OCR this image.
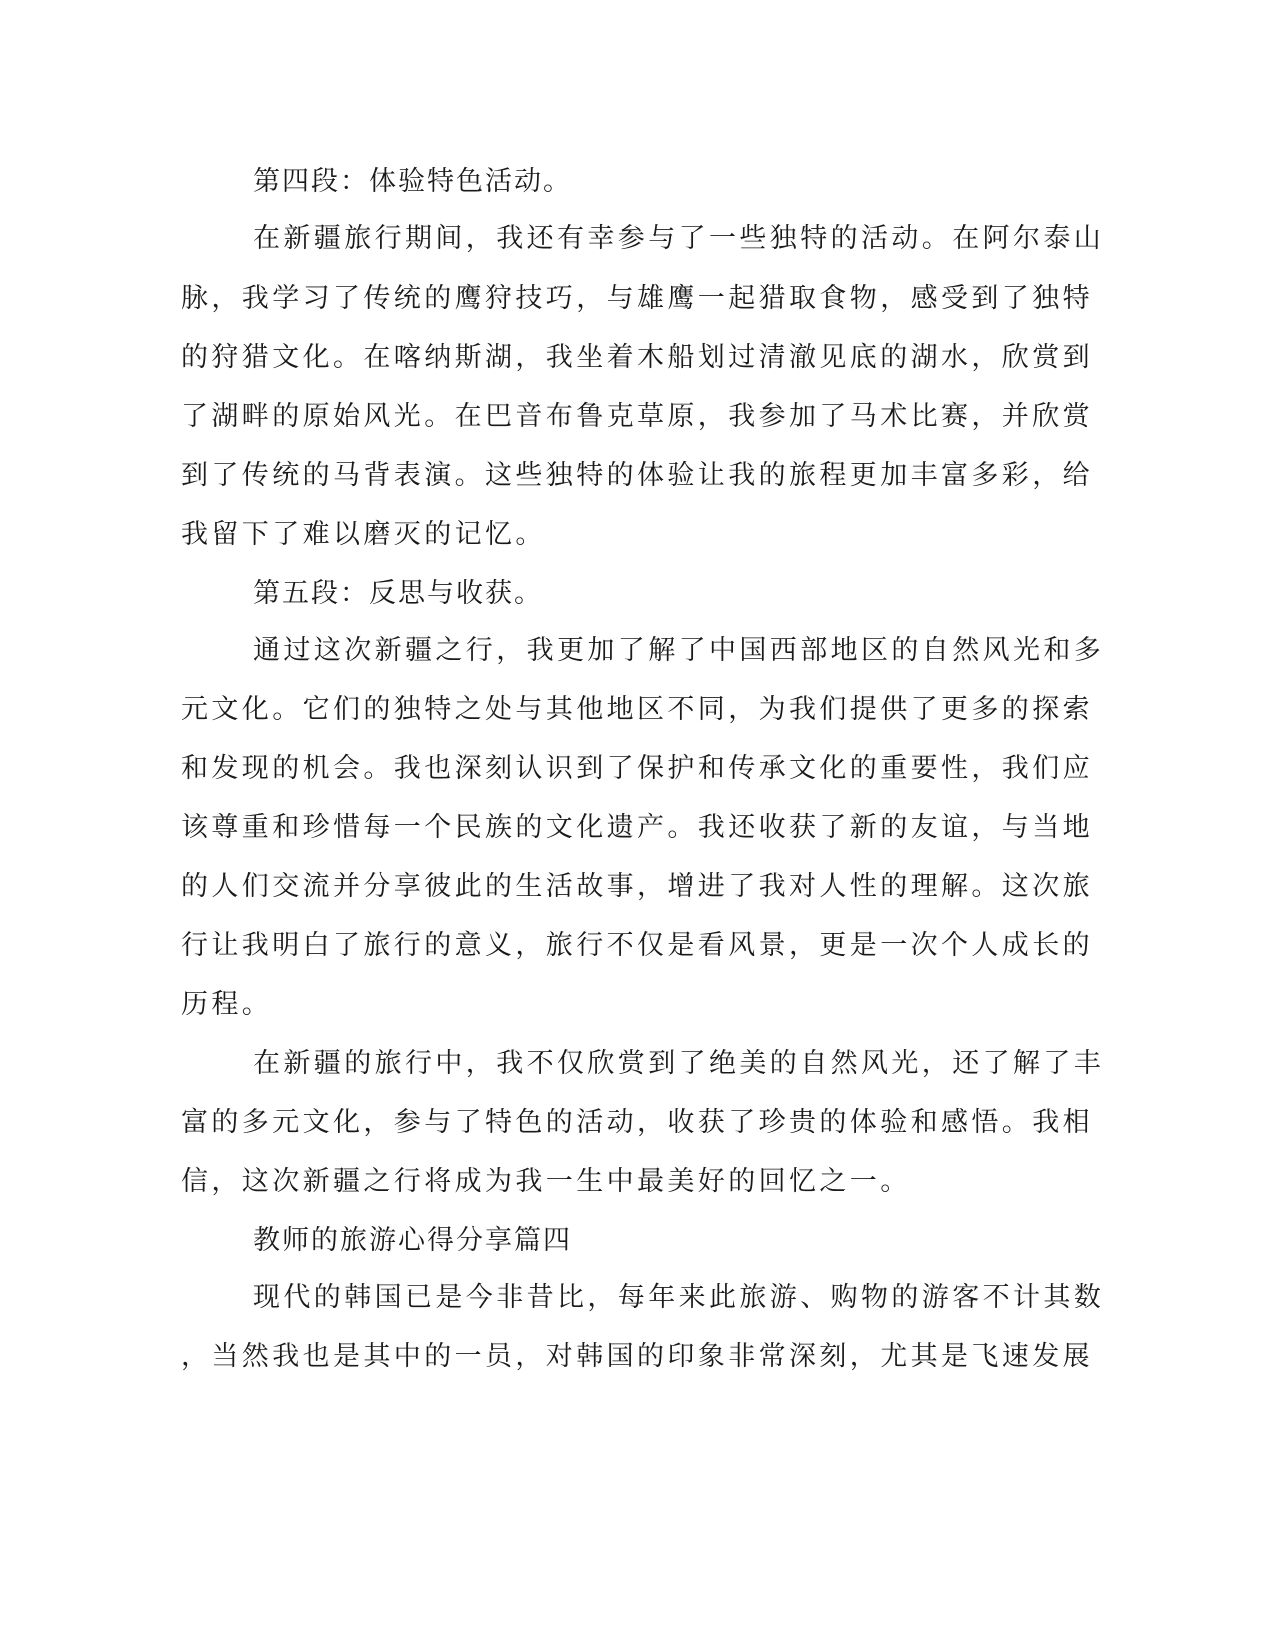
第四段：体验特色活动。

在新疆旅行期间，我还有幸参与了一些独特的活动。在阿尔泰山

脉，我学习了传统的鹰狩技巧，与雄鹰一起猎取食物，感受到了独特

的狩猎文化。在喀纳斯湖，我坐着木船划过清澈见底的湖水，欣赏到

了湖畔的原始风光。在巴音布鲁克草原，我参加了马术比赛，并欣赏

到了传统的马背表演。这些独特的体验让我的旅程更加丰富多彩，给

我留下了难以磨灭的记忆。

第五段：反思与收获。

通过这次新疆之行，我更加了解了中国西部地区的自然风光和多

元文化。它们的独特之处与其他地区不同，为我们提供了更多的探索

和发现的机会。我也深刻认识到了保护和传承文化的重要性，我们应

该尊重和珍惜每一个民族的文化遗产。我还收获了新的友谊，与当地

的人们交流并分享彼此的生活故事，增进了我对人性的理解。这次旅

行让我明白了旅行的意义，旅行不仅是看风景，更是一次个人成长的

历程。

在新疆的旅行中，我不仅欣赏到了绝美的自然风光，还了解了丰

富的多元文化，参与了特色的活动，收获了珍贵的体验和感悟。我相

信，这次新疆之行将成为我一生中最美好的回忆之一。

教师的旅游心得分享篇四

现代的韩国已是今非昔比，每年来此旅游、购物的游客不计其数

，当然我也是其中的一员，对韩国的印象非常深刻，尤其是飞速发展
